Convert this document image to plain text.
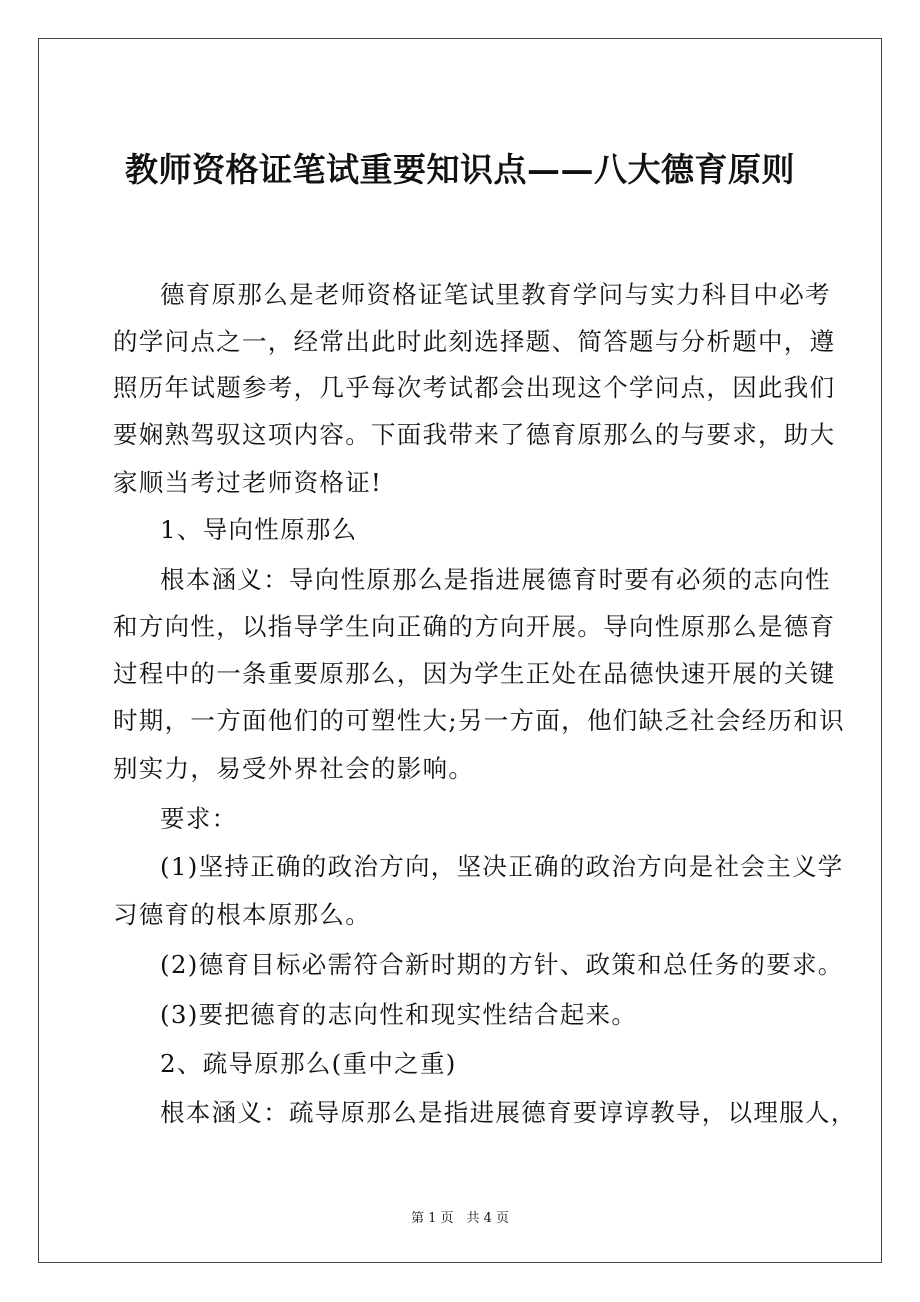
教师资格证笔试重要知识点——八大德育原则
德育原那么是老师资格证笔试里教育学问与实力科目中必考
的学问点之一，经常出此时此刻选择题、简答题与分析题中，遵
照历年试题参考，几乎每次考试都会出现这个学问点，因此我们
要娴熟驾驭这项内容。下面我带来了德育原那么的与要求，助大
家顺当考过老师资格证!
1、导向性原那么
根本涵义：导向性原那么是指进展德育时要有必须的志向性
和方向性，以指导学生向正确的方向开展。导向性原那么是德育
过程中的一条重要原那么，因为学生正处在品德快速开展的关键
时期，一方面他们的可塑性大;另一方面，他们缺乏社会经历和识
别实力，易受外界社会的影响。
要求：
(1)坚持正确的政治方向，坚决正确的政治方向是社会主义学
习德育的根本原那么。
(2)德育目标必需符合新时期的方针、政策和总任务的要求。
(3)要把德育的志向性和现实性结合起来。
2、疏导原那么(重中之重)
根本涵义：疏导原那么是指进展德育要谆谆教导，以理服人，
第 1 页　共 4 页
